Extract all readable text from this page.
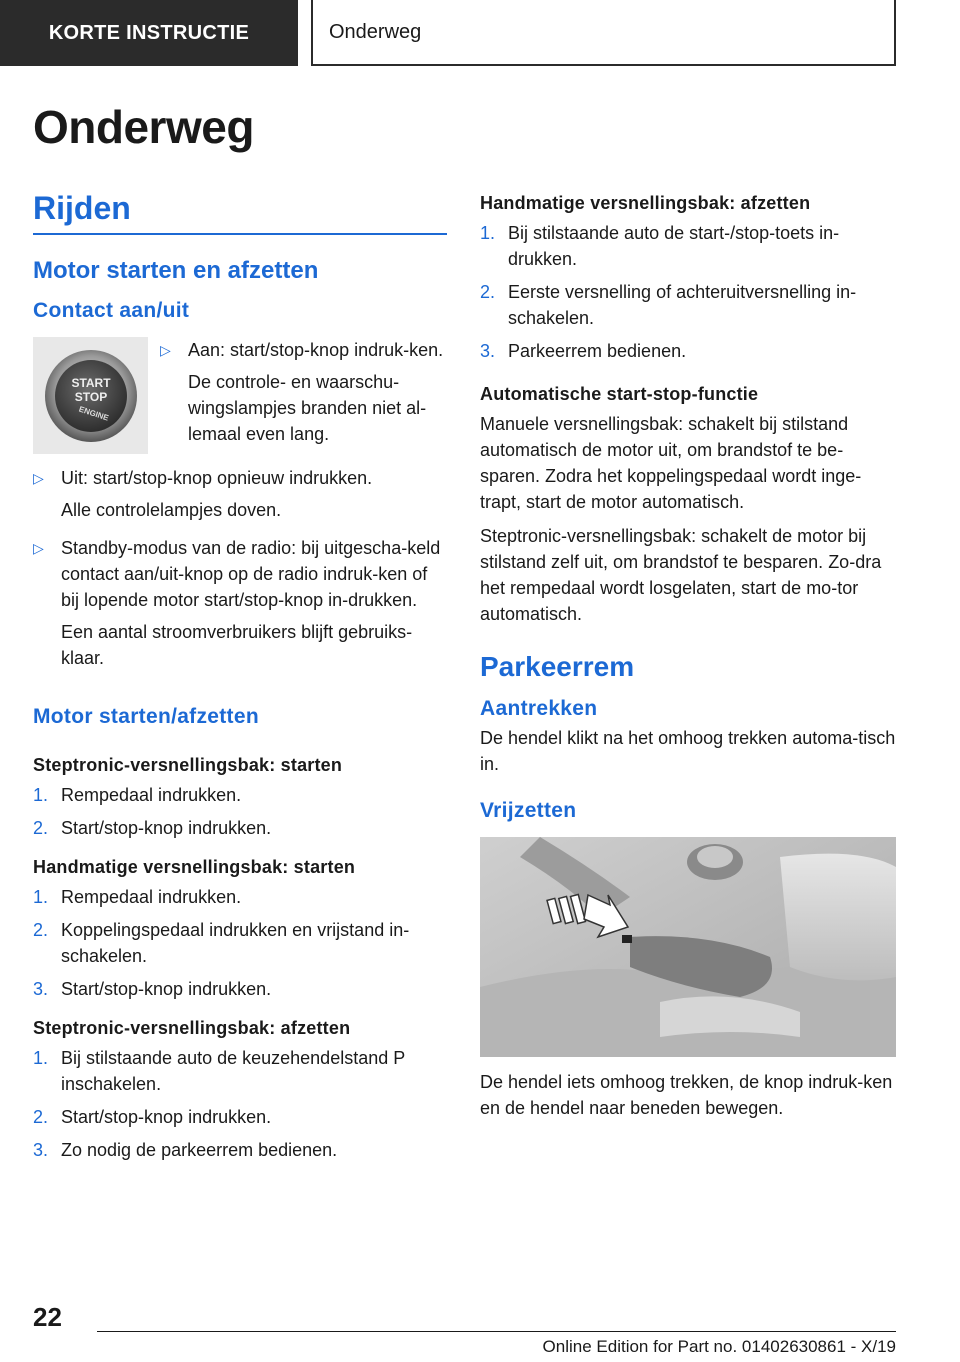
KORTE INSTRUCTIE	Onderweg
Onderweg
Rijden
Motor starten en afzetten
Contact aan/uit
START
STOP
ENGINE
▷ Aan: start/stop-knop indruk-ken.

De controle- en waarschu-wingslampjes branden niet al-lemaal even lang.

▷ Uit: start/stop-knop opnieuw indrukken.

Alle controlelampjes doven.

▷ Standby-modus van de radio: bij uitgescha-keld contact aan/uit-knop op de radio indruk-ken of bij lopende motor start/stop-knop in-drukken.

Een aantal stroomverbruikers blijft gebruiks-klaar.

Motor starten/afzetten
Steptronic-versnellingsbak: starten
1. Rempedaal indrukken.
2. Start/stop-knop indrukken.
Handmatige versnellingsbak: starten
1. Rempedaal indrukken.
2. Koppelingspedaal indrukken en vrijstand in-schakelen.
3. Start/stop-knop indrukken.
Steptronic-versnellingsbak: afzetten
1. Bij stilstaande auto de keuzehendelstand P inschakelen.
2. Start/stop-knop indrukken.
3. Zo nodig de parkeerrem bedienen.
Handmatige versnellingsbak: afzetten
1. Bij stilstaande auto de start-/stop-toets in-drukken.
2. Eerste versnelling of achteruitversnelling in-schakelen.
3. Parkeerrem bedienen.
Automatische start-stop-functie

Manuele versnellingsbak: schakelt bij stilstand automatisch de motor uit, om brandstof te be-sparen. Zodra het koppelingspedaal wordt inge-trapt, start de motor automatisch.

Steptronic-versnellingsbak: schakelt de motor bij stilstand zelf uit, om brandstof te besparen. Zo-dra het rempedaal wordt losgelaten, start de mo-tor automatisch.

Parkeerrem
Aantrekken

De hendel klikt na het omhoog trekken automa-tisch in.

Vrijzetten

De hendel iets omhoog trekken, de knop indruk-ken en de hendel naar beneden bewegen.

22
Online Edition for Part no. 01402630861 - X/19
